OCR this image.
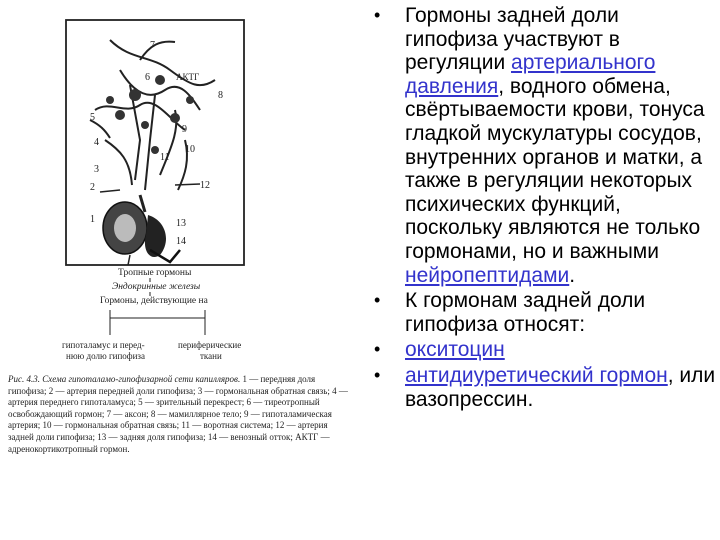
7
6	АКТГ
8
5
9
4
10
11
3
2	12
1	13
14
Тропные гормоны
Эндокринные железы
Гормоны, действующие на
гипоталамус и перед-
нюю долю гипофиза
периферические
ткани
Рис. 4.3. Схема гипоталамо-гипофизарной сети капилляров. 1 — передняя доля гипофиза; 2 — артерия передней доли гипофиза; 3 — гормональная обратная связь; 4 — артерия переднего гипоталамуса; 5 — зрительный перекрест; 6 — тиреотропный освобождающий гормон; 7 — аксон; 8 — мамиллярное тело; 9 — гипоталамическая артерия; 10 — гормональная обратная связь; 11 — воротная система; 12 — артерия задней доли гипофиза; 13 — задняя доля гипофиза; 14 — венозный отток; АКТГ — адренокортикотропный гормон.
• Гормоны задней доли гипофиза участвуют в регуляции артериального давления, водного обмена, свёртываемости крови, тонуса гладкой мускулатуры сосудов, внутренних органов и матки, а также в регуляции некоторых психических функций, поскольку являются не только гормонами, но и важными нейропептидами.
• К гормонам задней доли гипофиза относят:
• окситоцин
• антидиуретический гормон, или вазопрессин.
